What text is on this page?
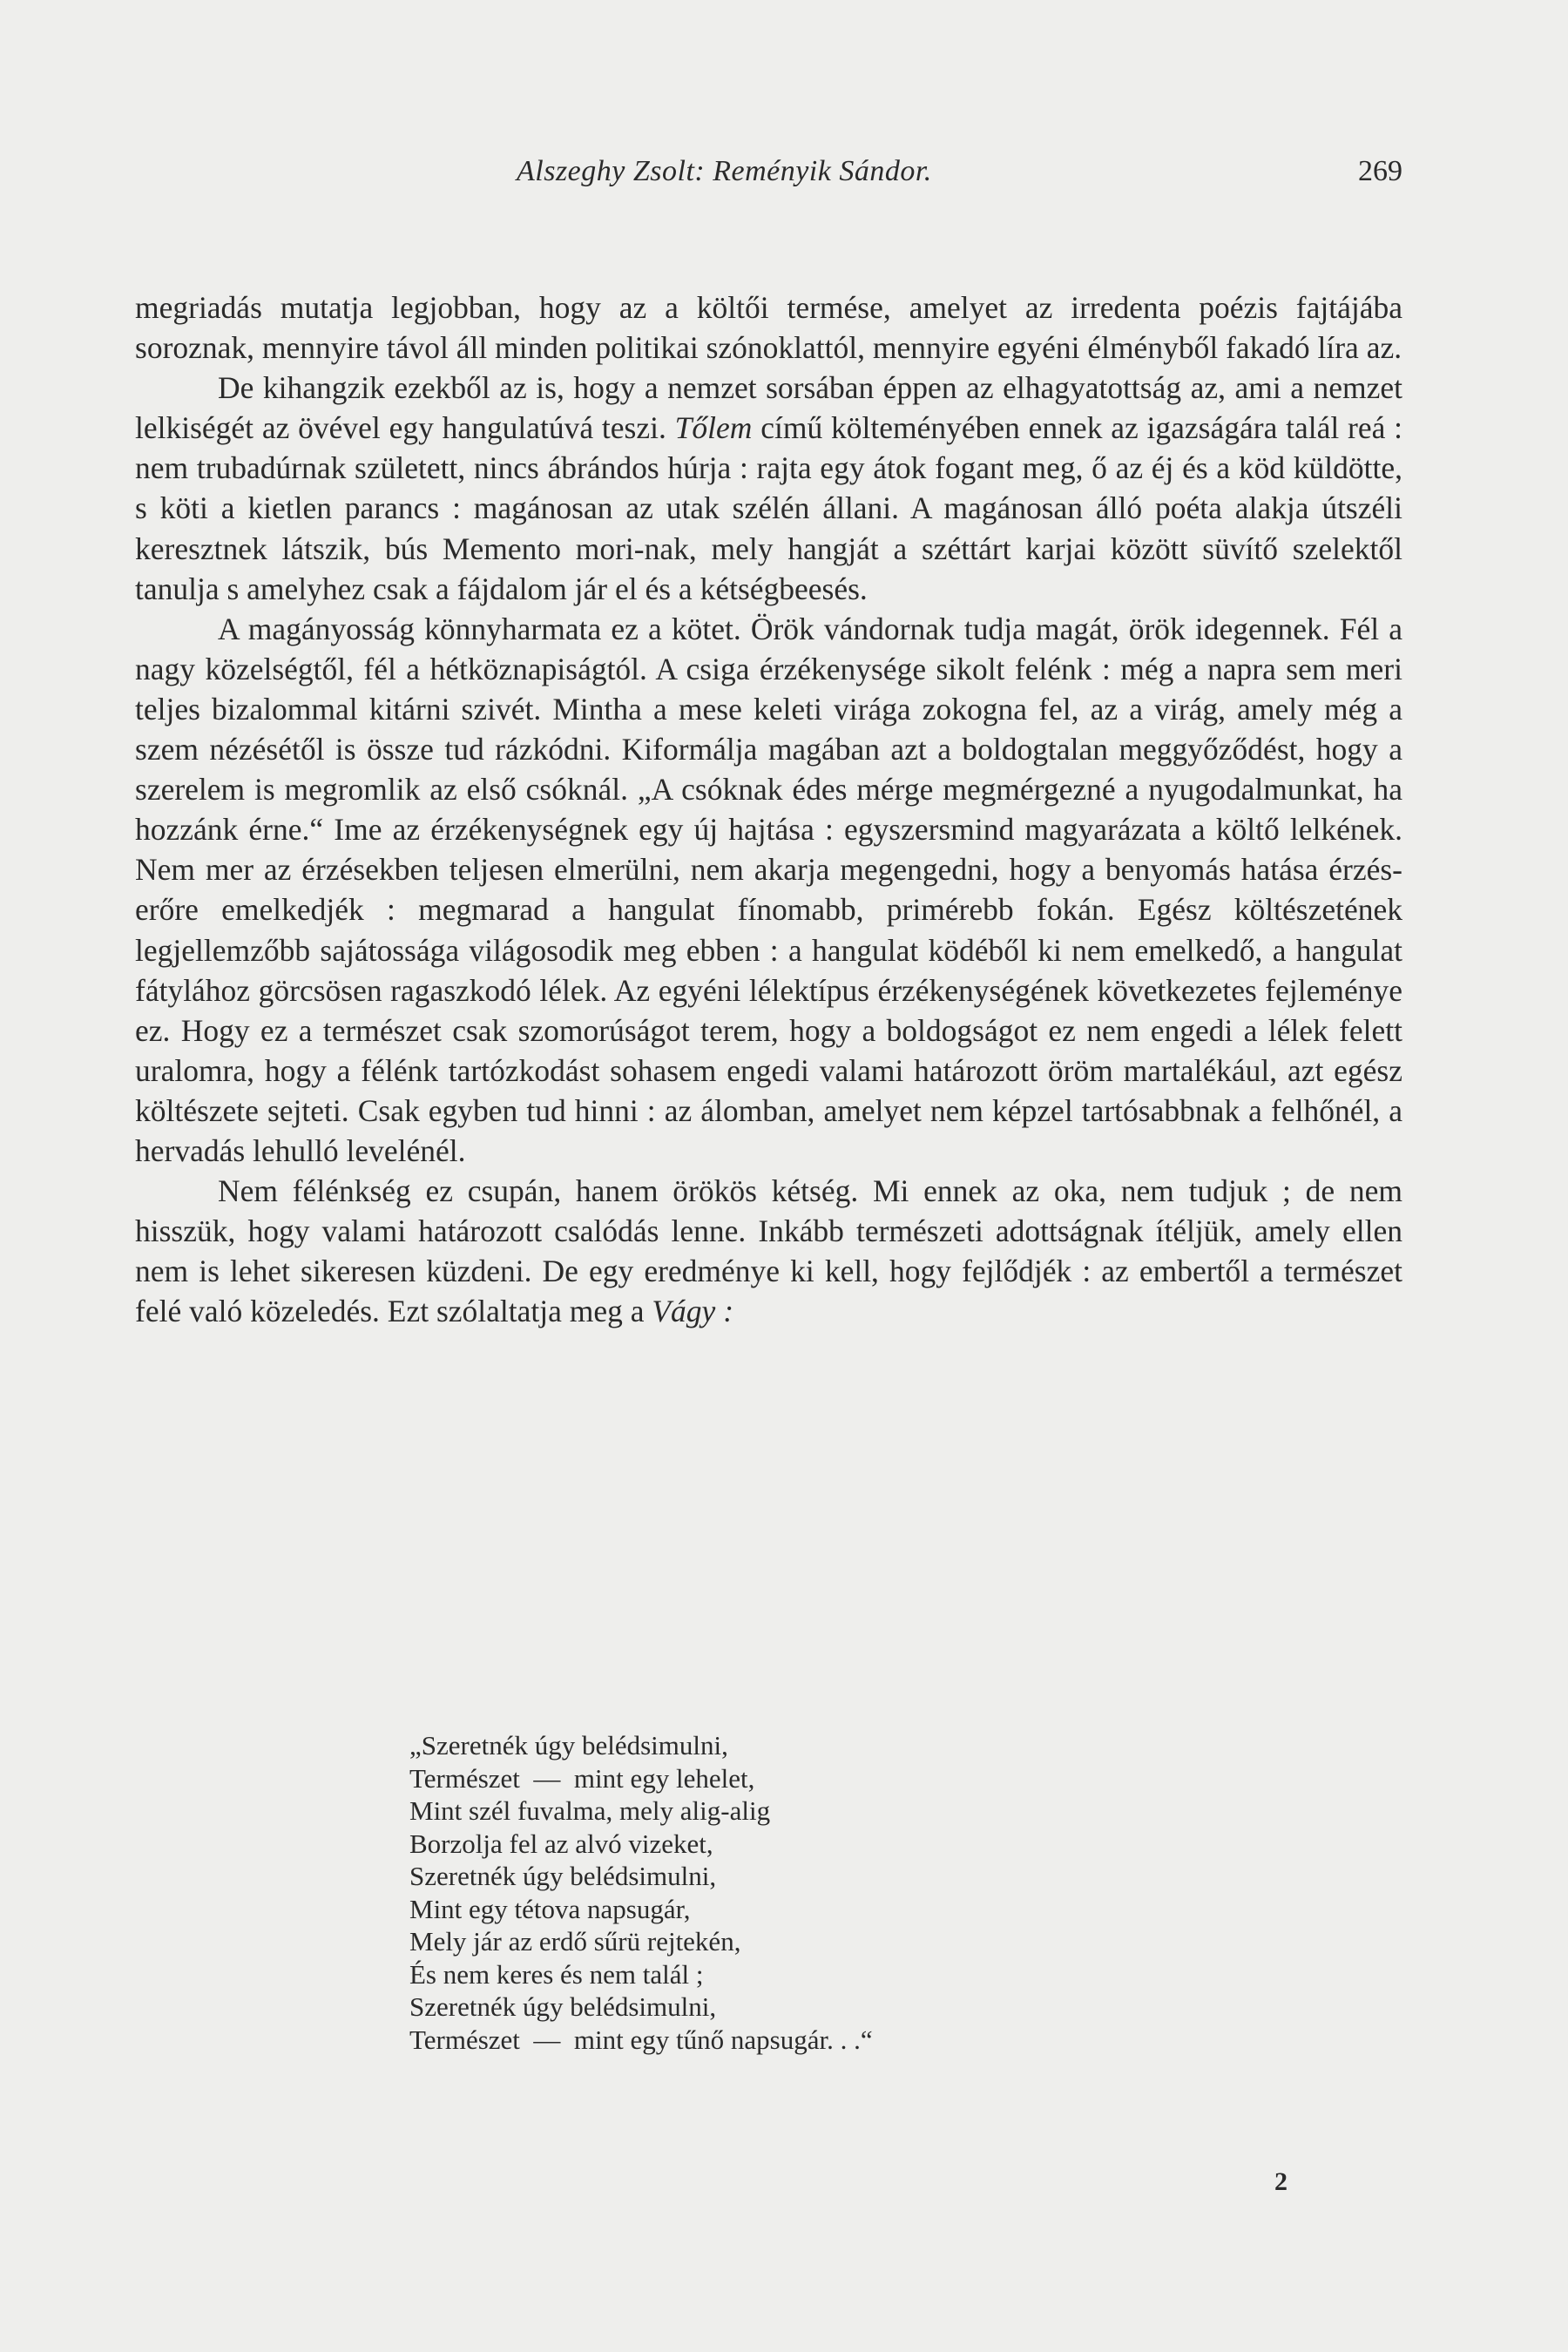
Alszeghy Zsolt: Reményik Sándor.	269

megriadás mutatja legjobban, hogy az a költői termése, amelyet az irredenta poézis fajtájába soroznak, mennyire távol áll minden politikai szónoklattól, mennyire egyéni élményből fakadó líra az.

De kihangzik ezekből az is, hogy a nemzet sorsában éppen az elhagyatottság az, ami a nemzet lelkiségét az övével egy hangulatúvá teszi. Tőlem című költeményében ennek az igazságára talál reá : nem trubadúrnak született, nincs ábrándos húrja : rajta egy átok fogant meg, ő az éj és a köd küldötte, s köti a kietlen parancs : magánosan az utak szélén állani. A magánosan álló poéta alakja útszéli keresztnek látszik, bús Memento mori-nak, mely hangját a széttárt karjai között süvítő szelektől tanulja s amelyhez csak a fájdalom jár el és a kétségbeesés.

A magányosság könnyharmata ez a kötet. Örök vándornak tudja magát, örök idegennek. Fél a nagy közelségtől, fél a hétköznapiságtól. A csiga érzékenysége sikolt felénk : még a napra sem meri teljes bizalommal kitárni szivét. Mintha a mese keleti virága zokogna fel, az a virág, amely még a szem nézésétől is össze tud rázkódni. Kiformálja magában azt a boldogtalan meggyőződést, hogy a szerelem is megromlik az első csóknál. „A csóknak édes mérge megmérgezné a nyugodalmunkat, ha hozzánk érne.“ Ime az érzékenységnek egy új hajtása : egyszersmind magyarázata a költő lelkének. Nem mer az érzésekben teljesen elmerülni, nem akarja megengedni, hogy a benyomás hatása érzés-erőre emelkedjék : megmarad a hangulat fínomabb, primérebb fokán. Egész költészetének legjellemzőbb sajátossága világosodik meg ebben : a hangulat ködéből ki nem emelkedő, a hangulat fátylához görcsösen ragaszkodó lélek. Az egyéni lélektípus érzékenységének következetes fejleménye ez. Hogy ez a természet csak szomorúságot terem, hogy a boldogságot ez nem engedi a lélek felett uralomra, hogy a félénk tartózkodást sohasem engedi valami határozott öröm martalékául, azt egész költészete sejteti. Csak egyben tud hinni : az álomban, amelyet nem képzel tartósabbnak a felhőnél, a hervadás lehulló levelénél.

Nem félénkség ez csupán, hanem örökös kétség. Mi ennek az oka, nem tudjuk ; de nem hisszük, hogy valami határozott csalódás lenne. Inkább természeti adottságnak ítéljük, amely ellen nem is lehet sikeresen küzdeni. De egy eredménye ki kell, hogy fejlődjék : az embertől a természet felé való közeledés. Ezt szólaltatja meg a Vágy :

„Szeretnék úgy belédsimulni,
Természet  —  mint egy lehelet,
Mint szél fuvalma, mely alig-alig
Borzolja fel az alvó vizeket,
Szeretnék úgy belédsimulni,
Mint egy tétova napsugár,
Mely jár az erdő sűrü rejtekén,
És nem keres és nem talál ;
Szeretnék úgy belédsimulni,
Természet  —  mint egy tűnő napsugár. . .“
2
